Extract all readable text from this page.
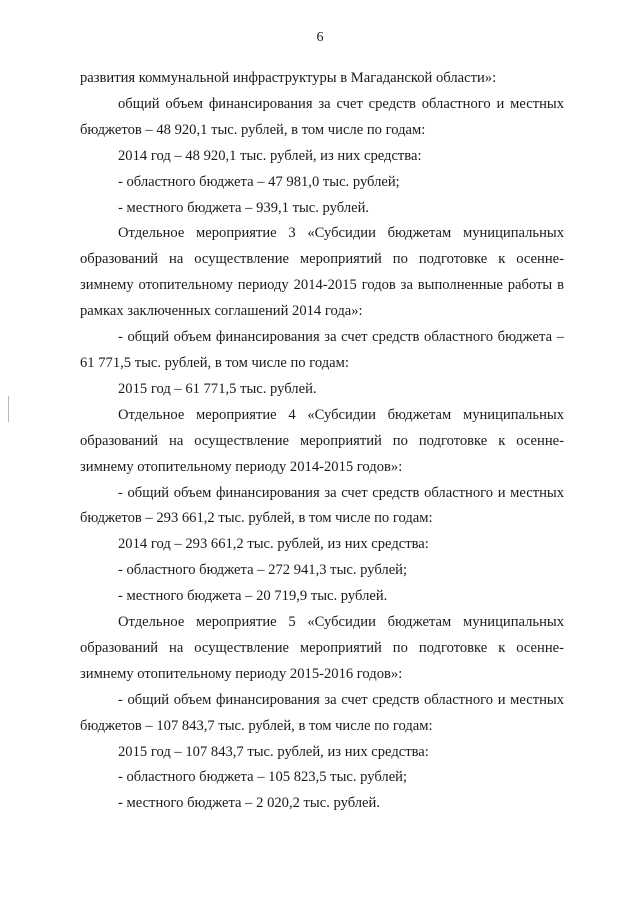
6

развития коммунальной инфраструктуры в Магаданской области»:

общий объем финансирования за счет средств областного и местных бюджетов – 48 920,1 тыс. рублей, в том числе по годам:

2014 год – 48 920,1 тыс. рублей, из них средства:

- областного бюджета – 47 981,0 тыс. рублей;

- местного бюджета – 939,1 тыс. рублей.

Отдельное мероприятие 3 «Субсидии бюджетам муниципальных образований на осуществление мероприятий по подготовке к осенне-зимнему отопительному периоду 2014-2015 годов за выполненные работы в рамках заключенных соглашений 2014 года»:

- общий объем финансирования за счет средств областного бюджета – 61 771,5 тыс. рублей, в том числе по годам:

2015 год – 61 771,5 тыс. рублей.

Отдельное мероприятие 4 «Субсидии бюджетам муниципальных образований на осуществление мероприятий по подготовке к осенне-зимнему отопительному периоду 2014-2015 годов»:

- общий объем финансирования за счет средств областного и местных бюджетов – 293 661,2 тыс. рублей, в том числе по годам:

2014 год – 293 661,2 тыс. рублей, из них средства:

- областного бюджета – 272 941,3 тыс. рублей;

- местного бюджета – 20 719,9 тыс. рублей.

Отдельное мероприятие 5 «Субсидии бюджетам муниципальных образований на осуществление мероприятий по подготовке к осенне-зимнему отопительному периоду 2015-2016 годов»:

- общий объем финансирования за счет средств областного и местных бюджетов – 107 843,7 тыс. рублей, в том числе по годам:

2015 год – 107 843,7 тыс. рублей, из них средства:

- областного бюджета – 105 823,5 тыс. рублей;

- местного бюджета – 2 020,2 тыс. рублей.
